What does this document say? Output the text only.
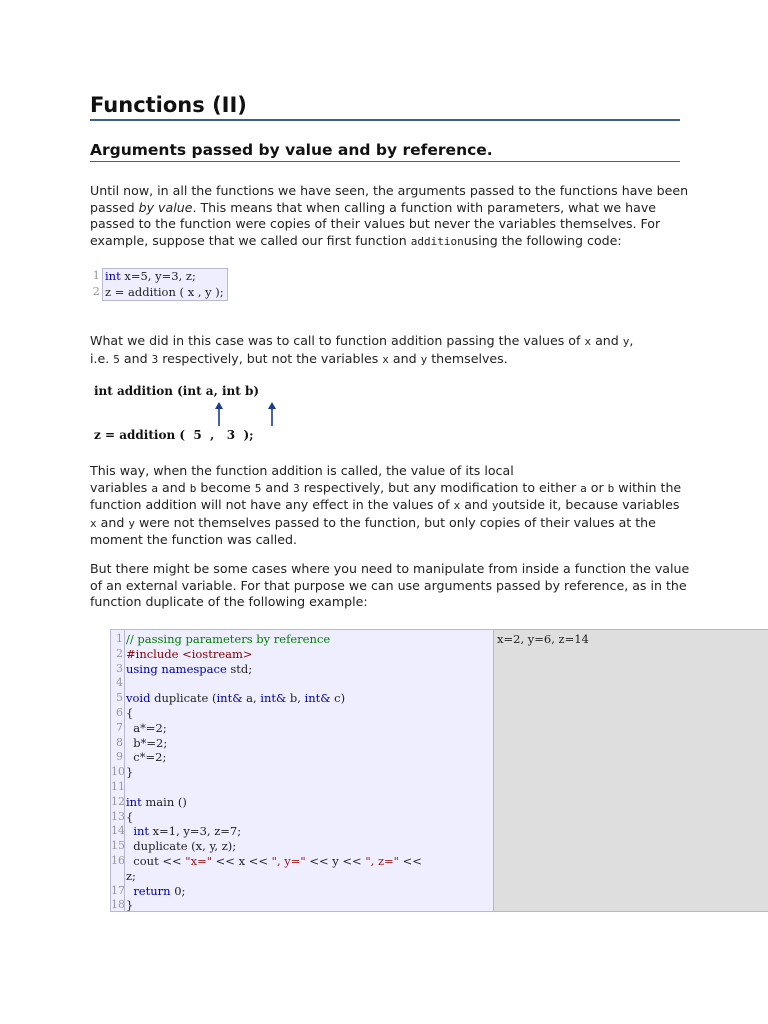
Functions (II)
Arguments passed by value and by reference.
Until now, in all the functions we have seen, the arguments passed to the functions have been passed by value. This means that when calling a function with parameters, what we have passed to the function were copies of their values but never the variables themselves. For example, suppose that we called our first function additionusing the following code:
1
2
int x=5, y=3, z;
z = addition ( x , y );
What we did in this case was to call to function addition passing the values of x and y,
i.e. 5 and 3 respectively, but not the variables x and y themselves.
int addition (int a, int b)
z = addition (  5  ,   3  );
This way, when the function addition is called, the value of its local
variables a and b become 5 and 3 respectively, but any modification to either a or b within the function addition will not have any effect in the values of x and youtside it, because variables x and y were not themselves passed to the function, but only copies of their values at the moment the function was called.
But there might be some cases where you need to manipulate from inside a function the value of an external variable. For that purpose we can use arguments passed by reference, as in the function duplicate of the following example:
1
2
3
4
5
6
7
8
9
10
11
12
13
14
15
16
17
18
// passing parameters by reference
#include <iostream>
using namespace std;
void duplicate (int& a, int& b, int& c)
{
a*=2;
b*=2;
c*=2;
}
int main ()
{
int x=1, y=3, z=7;
duplicate (x, y, z);
cout << "x=" << x << ", y=" << y << ", z=" <<
z;
return 0;
}
x=2, y=6, z=14
